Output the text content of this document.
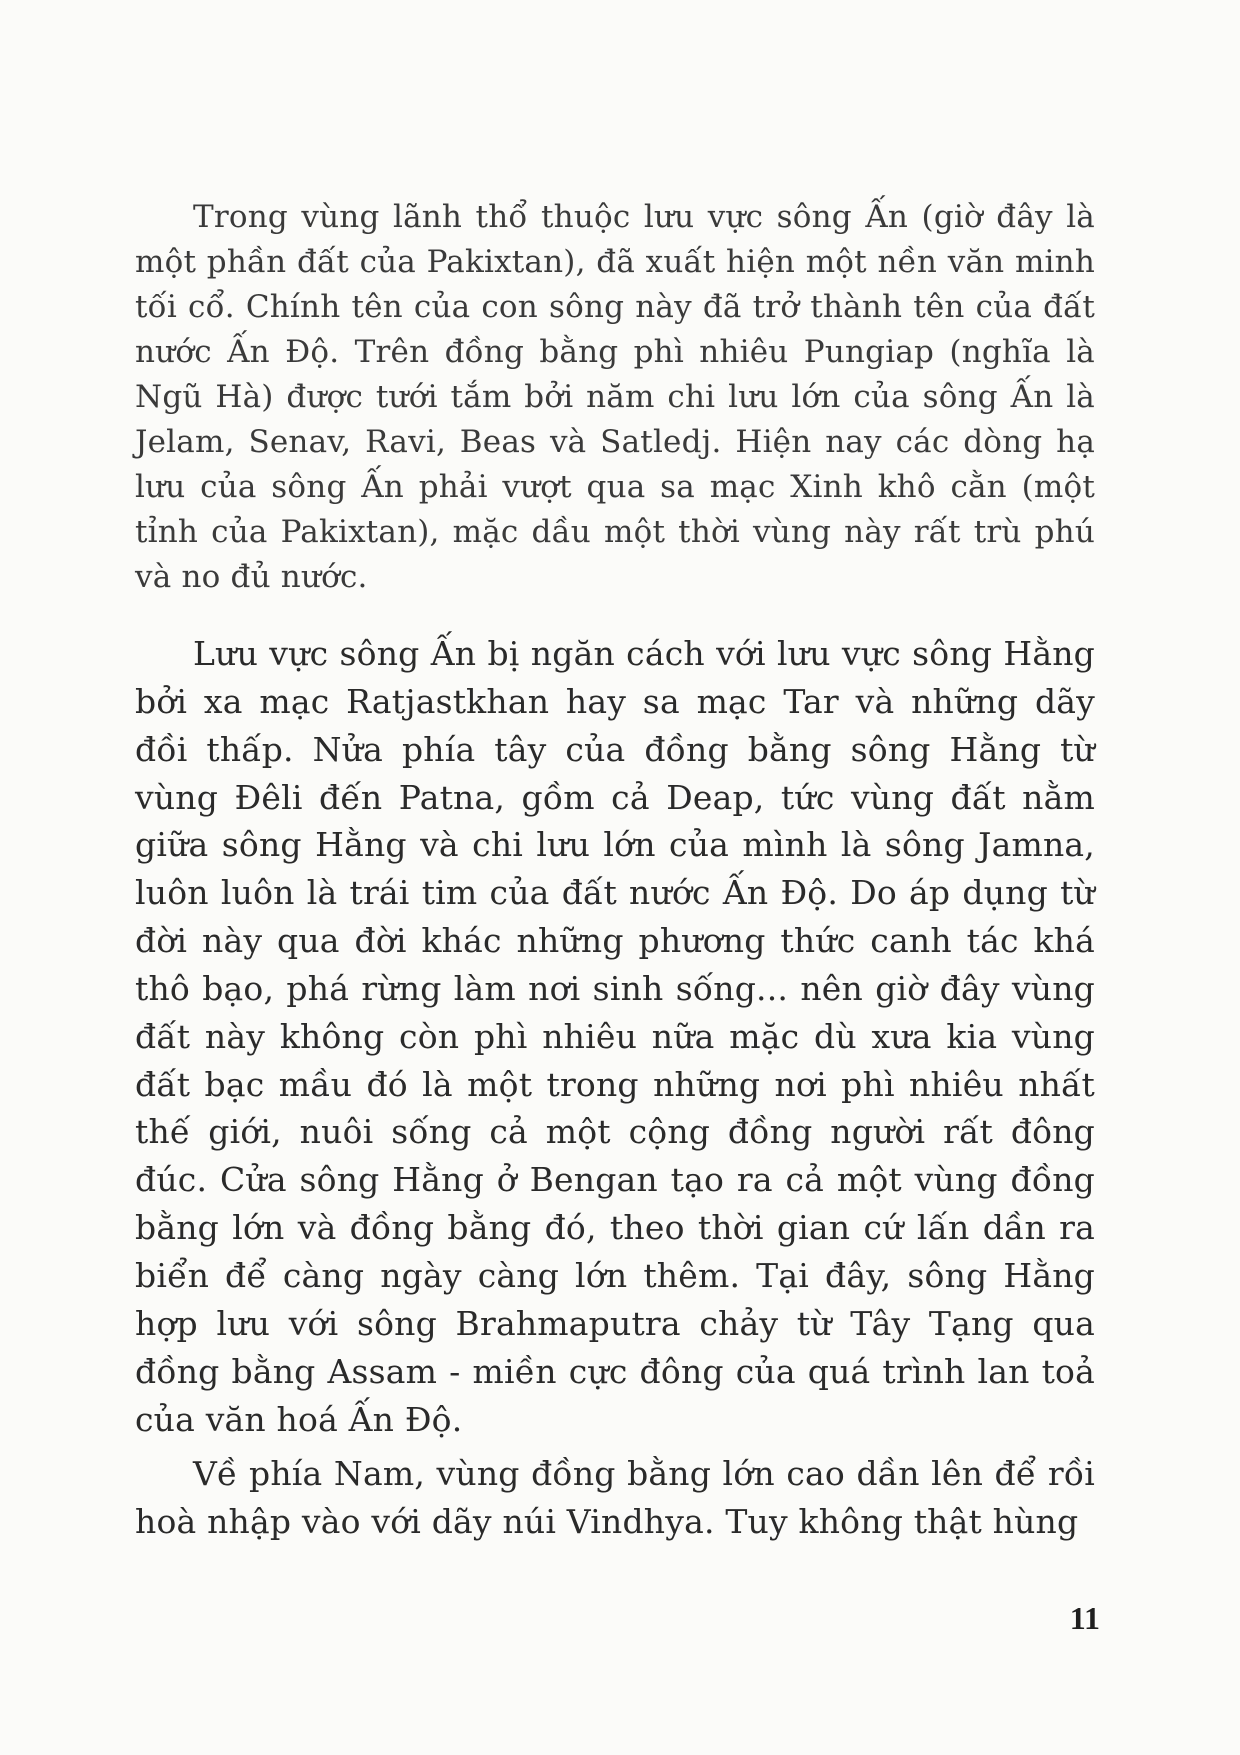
Trong vùng lãnh thổ thuộc lưu vực sông Ấn (giờ đây là một phần đất của Pakixtan), đã xuất hiện một nền văn minh tối cổ. Chính tên của con sông này đã trở thành tên của đất nước Ấn Độ. Trên đồng bằng phì nhiêu Pungiap (nghĩa là Ngũ Hà) được tưới tắm bởi năm chi lưu lớn của sông Ấn là Jelam, Senav, Ravi, Beas và Satledj. Hiện nay các dòng hạ lưu của sông Ấn phải vượt qua sa mạc Xinh khô cằn (một tỉnh của Pakixtan), mặc dầu một thời vùng này rất trù phú và no đủ nước.

Lưu vực sông Ấn bị ngăn cách với lưu vực sông Hằng bởi xa mạc Ratjastkhan hay sa mạc Tar và những dãy đồi thấp. Nửa phía tây của đồng bằng sông Hằng từ vùng Đêli đến Patna, gồm cả Deap, tức vùng đất nằm giữa sông Hằng và chi lưu lớn của mình là sông Jamna, luôn luôn là trái tim của đất nước Ấn Độ. Do áp dụng từ đời này qua đời khác những phương thức canh tác khá thô bạo, phá rừng làm nơi sinh sống... nên giờ đây vùng đất này không còn phì nhiêu nữa mặc dù xưa kia vùng đất bạc mầu đó là một trong những nơi phì nhiêu nhất thế giới, nuôi sống cả một cộng đồng người rất đông đúc. Cửa sông Hằng ở Bengan tạo ra cả một vùng đồng bằng lớn và đồng bằng đó, theo thời gian cứ lấn dần ra biển để càng ngày càng lớn thêm. Tại đây, sông Hằng hợp lưu với sông Brahmaputra chảy từ Tây Tạng qua đồng bằng Assam - miền cực đông của quá trình lan toả của văn hoá Ấn Độ.

Về phía Nam, vùng đồng bằng lớn cao dần lên để rồi hoà nhập vào với dãy núi Vindhya. Tuy không thật hùng

11
